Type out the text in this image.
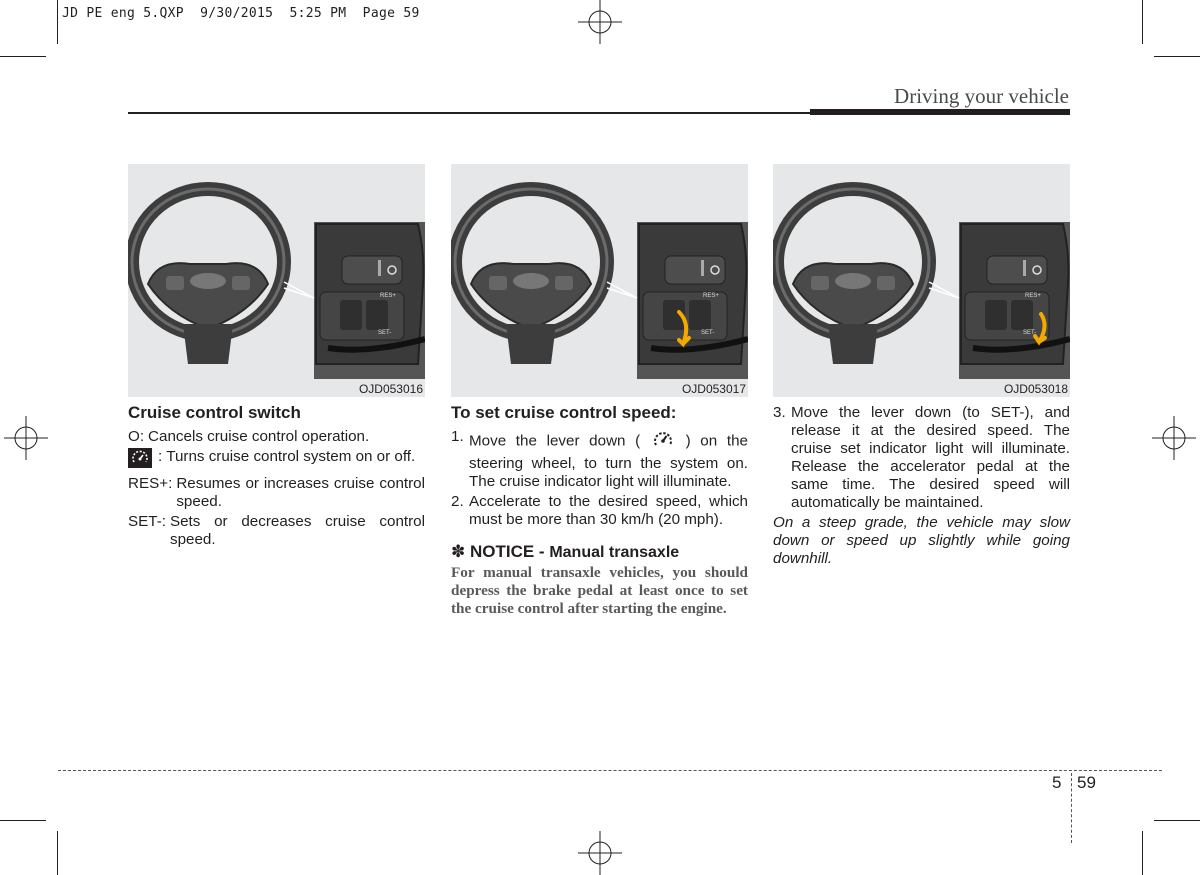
JD PE eng 5.QXP  9/30/2015  5:25 PM  Page 59
Driving your vehicle
RES+
SET-
OJD053016
RES+
SET-
OJD053017
RES+
SET-
OJD053018

Cruise control switch

O: Cancels cruise control operation.
: Turns cruise control system on or off.
RES+: Resumes or increases cruise control speed.
SET-: Sets or decreases cruise control speed.

To set cruise control speed:

1. Move the lever down (	) on the steering wheel, to turn the system on. The cruise indicator light will illuminate.
2. Accelerate to the desired speed, which must be more than 30 km/h (20 mph).
✽ NOTICE - Manual transaxle

For manual transaxle vehicles, you should depress the brake pedal at least once to set the cruise control after starting the engine.

3. Move the lever down (to SET-), and release it at the desired speed. The cruise set indicator light will illuminate. Release the accelerator pedal at the same time. The desired speed will automatically be maintained.

On a steep grade, the vehicle may slow down or speed up slightly while going downhill.

5 59
